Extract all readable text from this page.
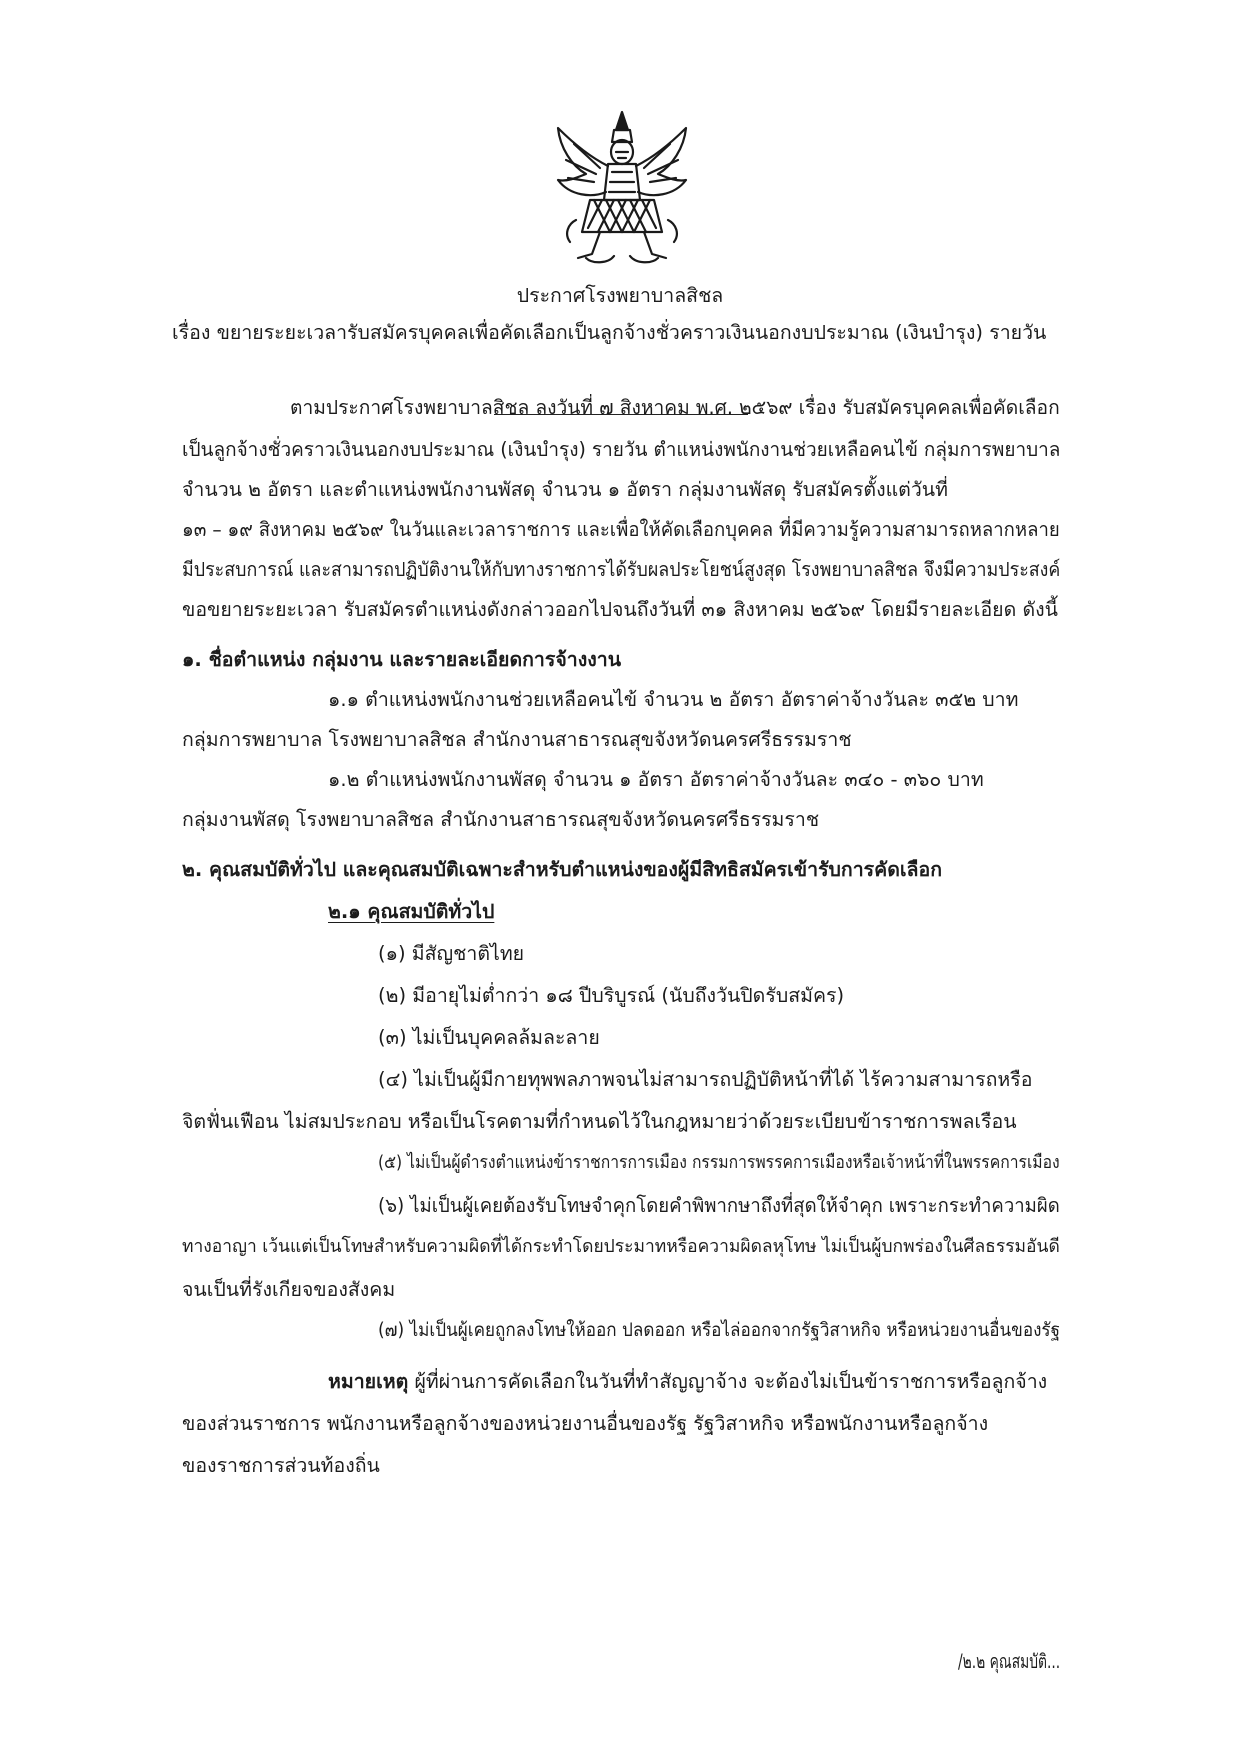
ประกาศโรงพยาบาลสิชล
เรื่อง ขยายระยะเวลารับสมัครบุคคลเพื่อคัดเลือกเป็นลูกจ้างชั่วคราวเงินนอกงบประมาณ (เงินบำรุง) รายวัน
ตามประกาศโรงพยาบาลสิชล ลงวันที่ ๗ สิงหาคม พ.ศ. ๒๕๖๙ เรื่อง รับสมัครบุคคลเพื่อคัดเลือก
เป็นลูกจ้างชั่วคราวเงินนอกงบประมาณ (เงินบำรุง) รายวัน ตำแหน่งพนักงานช่วยเหลือคนไข้ กลุ่มการพยาบาล
จำนวน ๒ อัตรา และตำแหน่งพนักงานพัสดุ จำนวน ๑ อัตรา กลุ่มงานพัสดุ รับสมัครตั้งแต่วันที่
๑๓ – ๑๙ สิงหาคม ๒๕๖๙ ในวันและเวลาราชการ และเพื่อให้คัดเลือกบุคคล ที่มีความรู้ความสามารถหลากหลาย
มีประสบการณ์ และสามารถปฏิบัติงานให้กับทางราชการได้รับผลประโยชน์สูงสุด โรงพยาบาลสิชล จึงมีความประสงค์
ขอขยายระยะเวลา รับสมัครตำแหน่งดังกล่าวออกไปจนถึงวันที่ ๓๑ สิงหาคม ๒๕๖๙ โดยมีรายละเอียด ดังนี้
๑. ชื่อตำแหน่ง กลุ่มงาน และรายละเอียดการจ้างงาน
๑.๑ ตำแหน่งพนักงานช่วยเหลือคนไข้ จำนวน ๒ อัตรา อัตราค่าจ้างวันละ ๓๕๒ บาท
กลุ่มการพยาบาล โรงพยาบาลสิชล สำนักงานสาธารณสุขจังหวัดนครศรีธรรมราช
๑.๒ ตำแหน่งพนักงานพัสดุ จำนวน ๑ อัตรา อัตราค่าจ้างวันละ ๓๔๐ - ๓๖๐ บาท
กลุ่มงานพัสดุ โรงพยาบาลสิชล สำนักงานสาธารณสุขจังหวัดนครศรีธรรมราช
๒. คุณสมบัติทั่วไป และคุณสมบัติเฉพาะสำหรับตำแหน่งของผู้มีสิทธิสมัครเข้ารับการคัดเลือก
๒.๑ คุณสมบัติทั่วไป
(๑) มีสัญชาติไทย
(๒) มีอายุไม่ต่ำกว่า ๑๘ ปีบริบูรณ์ (นับถึงวันปิดรับสมัคร)
(๓) ไม่เป็นบุคคลล้มละลาย
(๔) ไม่เป็นผู้มีกายทุพพลภาพจนไม่สามารถปฏิบัติหน้าที่ได้ ไร้ความสามารถหรือ
จิตฟั่นเฟือน ไม่สมประกอบ หรือเป็นโรคตามที่กำหนดไว้ในกฎหมายว่าด้วยระเบียบข้าราชการพลเรือน
(๕) ไม่เป็นผู้ดำรงตำแหน่งข้าราชการการเมือง กรรมการพรรคการเมืองหรือเจ้าหน้าที่ในพรรคการเมือง
(๖) ไม่เป็นผู้เคยต้องรับโทษจำคุกโดยคำพิพากษาถึงที่สุดให้จำคุก เพราะกระทำความผิด
ทางอาญา เว้นแต่เป็นโทษสำหรับความผิดที่ได้กระทำโดยประมาทหรือความผิดลหุโทษ ไม่เป็นผู้บกพร่องในศีลธรรมอันดี
จนเป็นที่รังเกียจของสังคม
(๗) ไม่เป็นผู้เคยถูกลงโทษให้ออก ปลดออก หรือไล่ออกจากรัฐวิสาหกิจ หรือหน่วยงานอื่นของรัฐ
หมายเหตุ ผู้ที่ผ่านการคัดเลือกในวันที่ทำสัญญาจ้าง จะต้องไม่เป็นข้าราชการหรือลูกจ้าง
ของส่วนราชการ พนักงานหรือลูกจ้างของหน่วยงานอื่นของรัฐ รัฐวิสาหกิจ หรือพนักงานหรือลูกจ้าง
ของราชการส่วนท้องถิ่น
/๒.๒ คุณสมบัติ...
